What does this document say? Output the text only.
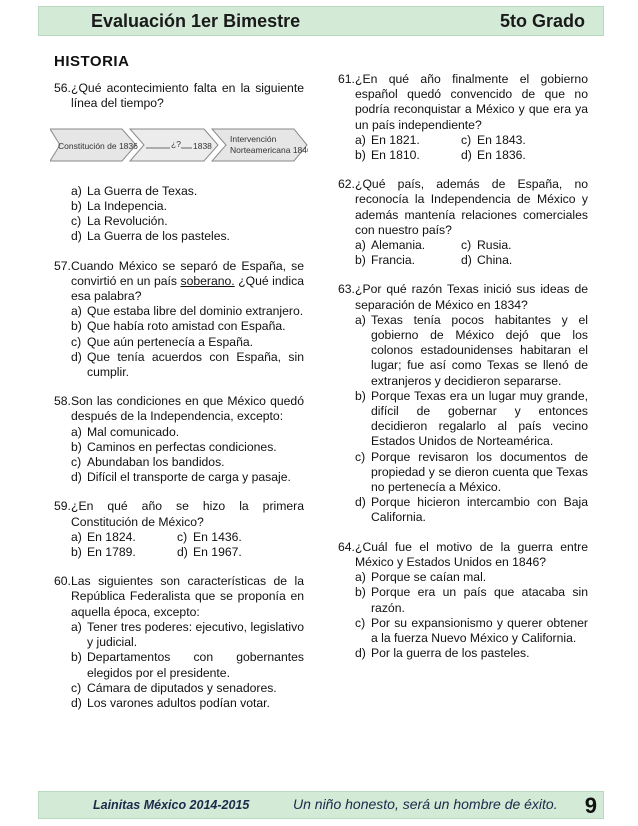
Evaluación 1er Bimestre	5to Grado
HISTORIA
56. ¿Qué acontecimiento falta en la siguiente línea del tiempo?
Constitución de 1836	¿? 1838
Intervención
Norteamericana 1846
a) La Guerra de Texas.
b) La Indepencia.
c) La Revolución.
d) La Guerra de los pasteles.
57. Cuando México se separó de España, se convirtió en un país soberano. ¿Qué indica esa palabra?
a) Que estaba libre del dominio extranjero.
b) Que había roto amistad con España.
c) Que aún pertenecía a España.
d) Que tenía acuerdos con España, sin cumplir.
58. Son las condiciones en que México quedó después de la Independencia, excepto:
a) Mal comunicado.
b) Caminos en perfectas condiciones.
c) Abundaban los bandidos.
d) Difícil el transporte de carga y pasaje.
59. ¿En qué año se hizo la primera Constitución de México?
a) En 1824.	c) En 1436.
b) En 1789.	d) En 1967.
60. Las siguientes son características de la República Federalista que se proponía en aquella época, excepto:
a) Tener tres poderes: ejecutivo, legislativo y judicial.
b) Departamentos con gobernantes elegidos por el presidente.
c) Cámara de diputados y senadores.
d) Los varones adultos podían votar.
61. ¿En qué año finalmente el gobierno español quedó convencido de que no podría reconquistar a México y que era ya un país independiente?
a) En 1821.	c) En 1843.
b) En 1810.	d) En 1836.
62. ¿Qué país, además de España, no reconocía la Independencia de México y además mantenía relaciones comerciales con nuestro país?
a) Alemania.	c) Rusia.
b) Francia.	d) China.
63. ¿Por qué razón Texas inició sus ideas de separación de México en 1834?
a) Texas tenía pocos habitantes y el gobierno de México dejó que los colonos estadounidenses habitaran el lugar; fue así como Texas se llenó de extranjeros y decidieron separarse.
b) Porque Texas era un lugar muy grande, difícil de gobernar y entonces decidieron regalarlo al país vecino Estados Unidos de Norteamérica.
c) Porque revisaron los documentos de propiedad y se dieron cuenta que Texas no pertenecía a México.
d) Porque hicieron intercambio con Baja California.
64. ¿Cuál fue el motivo de la guerra entre México y Estados Unidos en 1846?
a) Porque se caían mal.
b) Porque era un país que atacaba sin razón.
c) Por su expansionismo y querer obtener a la fuerza Nuevo México y California.
d) Por la guerra de los pasteles.
Lainitas México 2014-2015	Un niño honesto, será un hombre de éxito. 9
